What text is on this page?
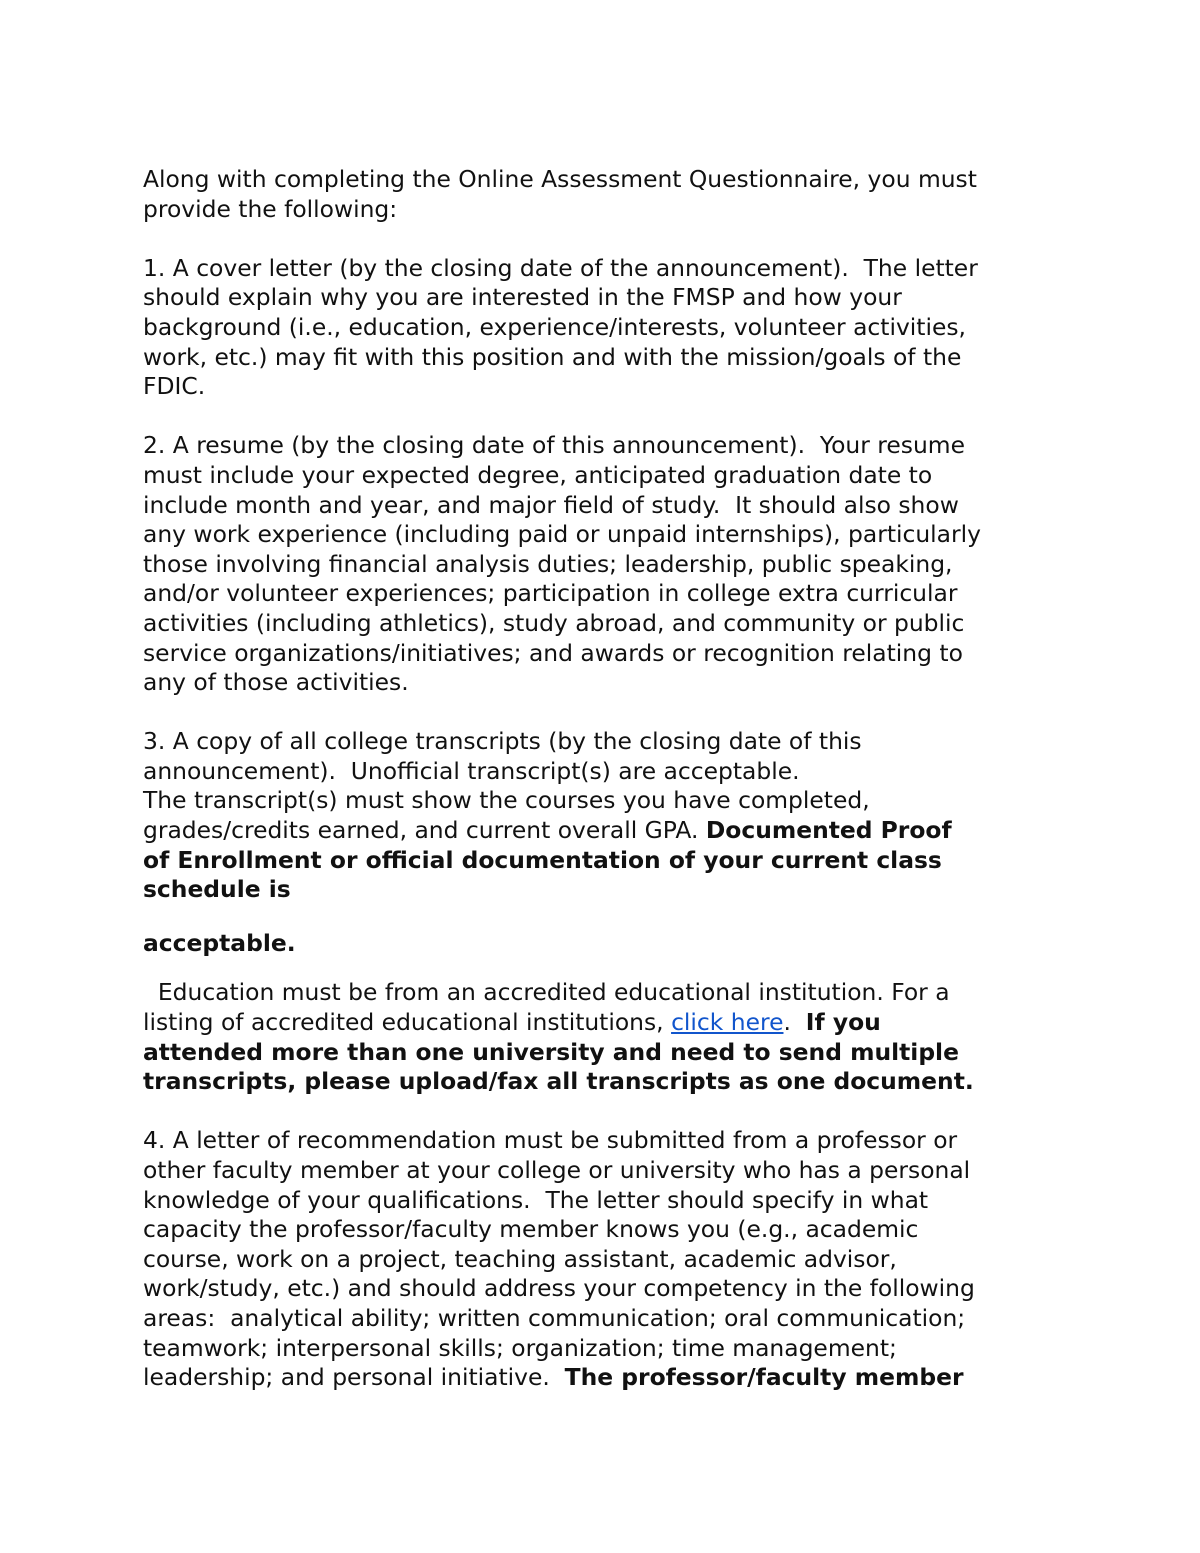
Along with completing the Online Assessment Questionnaire, you must
provide the following:
1. A cover letter (by the closing date of the announcement).  The letter
should explain why you are interested in the FMSP and how your
background (i.e., education, experience/interests, volunteer activities,
work, etc.) may fit with this position and with the mission/goals of the
FDIC.
2. A resume (by the closing date of this announcement).  Your resume
must include your expected degree, anticipated graduation date to
include month and year, and major field of study.  It should also show
any work experience (including paid or unpaid internships), particularly
those involving financial analysis duties; leadership, public speaking,
and/or volunteer experiences; participation in college extra curricular
activities (including athletics), study abroad, and community or public
service organizations/initiatives; and awards or recognition relating to
any of those activities.
3. A copy of all college transcripts (by the closing date of this
announcement).  Unofficial transcript(s) are acceptable.
The transcript(s) must show the courses you have completed,
grades/credits earned, and current overall GPA. Documented Proof
of Enrollment or official documentation of your current class
schedule is
acceptable.
Education must be from an accredited educational institution. For a
listing of accredited educational institutions, click here.  If you
attended more than one university and need to send multiple
transcripts, please upload/fax all transcripts as one document.
4. A letter of recommendation must be submitted from a professor or
other faculty member at your college or university who has a personal
knowledge of your qualifications.  The letter should specify in what
capacity the professor/faculty member knows you (e.g., academic
course, work on a project, teaching assistant, academic advisor,
work/study, etc.) and should address your competency in the following
areas:  analytical ability; written communication; oral communication;
teamwork; interpersonal skills; organization; time management;
leadership; and personal initiative.  The professor/faculty member
